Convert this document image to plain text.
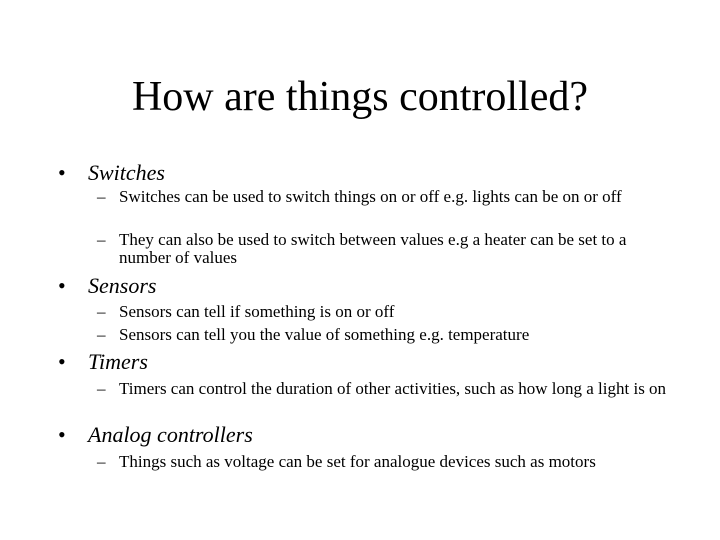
How are things controlled?
• Switches
– Switches can be used to switch things on or off e.g. lights can be on or off
– They can also be used to switch between values e.g a heater can be set to a number of values
• Sensors
– Sensors can tell if something is on or off
– Sensors can tell you the value of something e.g. temperature
• Timers
– Timers can control the duration of other activities, such as how long a light is on
• Analog controllers
– Things such as voltage can be set for analogue devices such as motors
